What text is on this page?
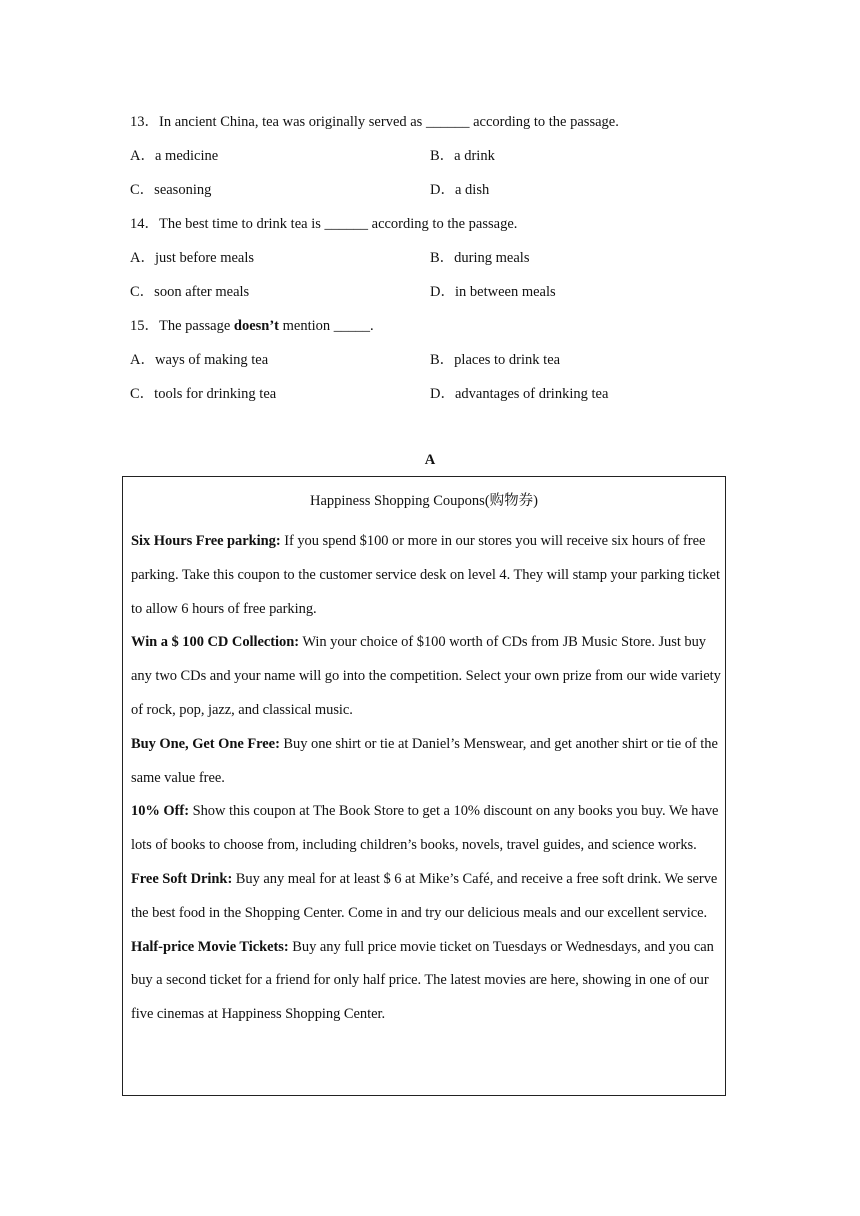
13．In ancient China, tea was originally served as ______ according to the passage.
A．a medicine	B．a drink
C．seasoning	D．a dish
14．The best time to drink tea is ______ according to the passage.
A．just before meals	B．during meals
C．soon after meals	D．in between meals
15．The passage doesn’t mention _____.
A．ways of making tea	B．places to drink tea
C．tools for drinking tea	D．advantages of drinking tea
A
Happiness Shopping Coupons(购物券)

Six Hours Free parking: If you spend $100 or more in our stores you will receive six hours of free parking. Take this coupon to the customer service desk on level 4. They will stamp your parking ticket to allow 6 hours of free parking.

Win a $ 100 CD Collection: Win your choice of $100 worth of CDs from JB Music Store. Just buy any two CDs and your name will go into the competition. Select your own prize from our wide variety of rock, pop, jazz, and classical music.

Buy One, Get One Free: Buy one shirt or tie at Daniel’s Menswear, and get another shirt or tie of the same value free.

10% Off: Show this coupon at The Book Store to get a 10% discount on any books you buy. We have lots of books to choose from, including children’s books, novels, travel guides, and science works.

Free Soft Drink: Buy any meal for at least $ 6 at Mike’s Café, and receive a free soft drink. We serve the best food in the Shopping Center. Come in and try our delicious meals and our excellent service.

Half-price Movie Tickets: Buy any full price movie ticket on Tuesdays or Wednesdays, and you can buy a second ticket for a friend for only half price. The latest movies are here, showing in one of our five cinemas at Happiness Shopping Center.
